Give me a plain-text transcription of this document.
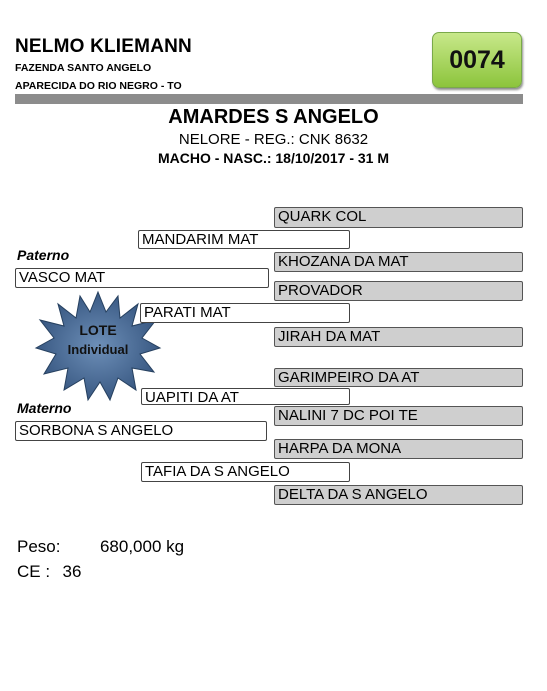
NELMO KLIEMANN
FAZENDA SANTO ANGELO
APARECIDA DO RIO NEGRO - TO
0074
AMARDES S ANGELO
NELORE - REG.: CNK 8632
MACHO - NASC.: 18/10/2017 - 31 M
LOTE
Individual
Paterno
Materno
VASCO MAT
SORBONA S ANGELO
MANDARIM MAT
PARATI MAT
UAPITI DA AT
TAFIA DA S ANGELO
QUARK COL
KHOZANA DA MAT
PROVADOR
JIRAH DA MAT
GARIMPEIRO DA AT
NALINI 7 DC POI TE
HARPA DA MONA
DELTA DA S ANGELO
Peso: 680,000 kg
CE : 36
